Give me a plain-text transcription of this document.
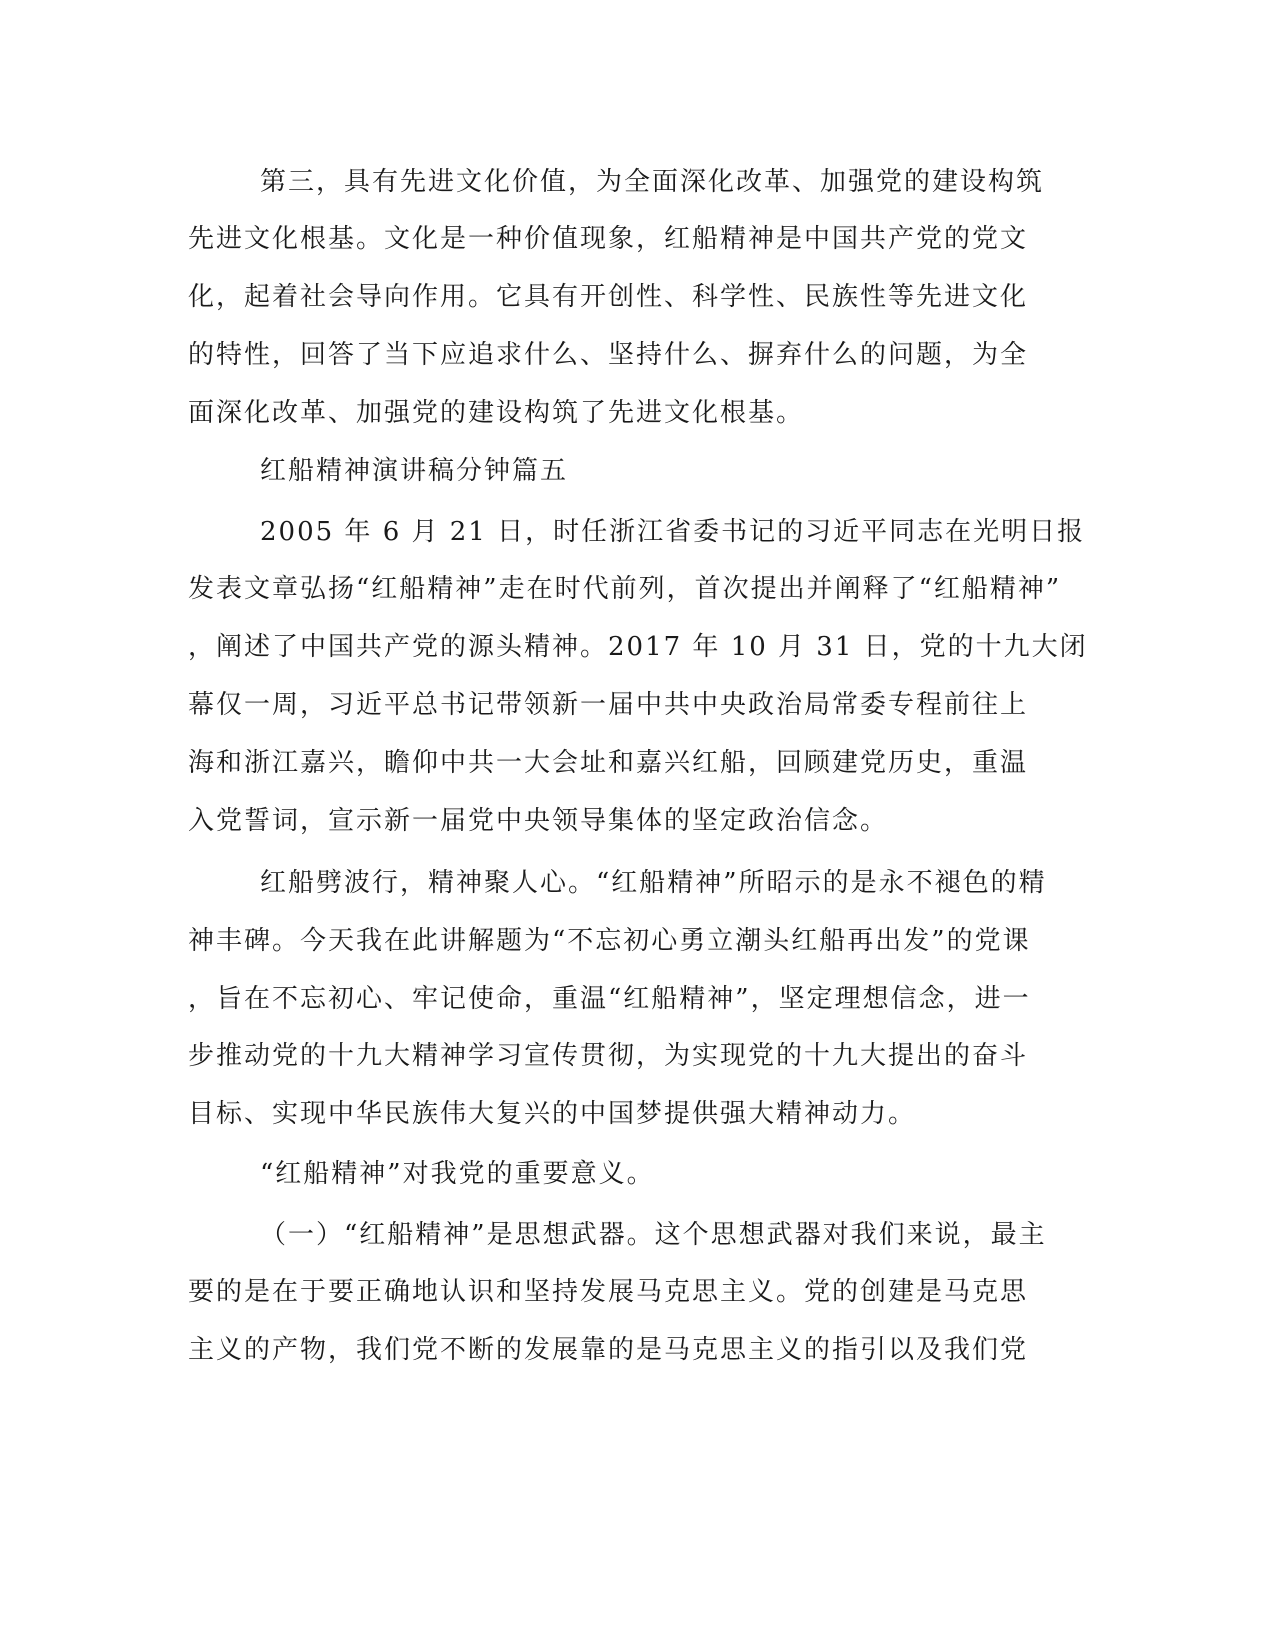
第三，具有先进文化价值，为全面深化改革、加强党的建设构筑
先进文化根基。文化是一种价值现象，红船精神是中国共产党的党文
化，起着社会导向作用。它具有开创性、科学性、民族性等先进文化
的特性，回答了当下应追求什么、坚持什么、摒弃什么的问题，为全
面深化改革、加强党的建设构筑了先进文化根基。
红船精神演讲稿分钟篇五
2005 年 6 月 21 日，时任浙江省委书记的习近平同志在光明日报
发表文章弘扬“红船精神”走在时代前列，首次提出并阐释了“红船精神”
，阐述了中国共产党的源头精神。2017 年 10 月 31 日，党的十九大闭
幕仅一周，习近平总书记带领新一届中共中央政治局常委专程前往上
海和浙江嘉兴，瞻仰中共一大会址和嘉兴红船，回顾建党历史，重温
入党誓词，宣示新一届党中央领导集体的坚定政治信念。
红船劈波行，精神聚人心。“红船精神”所昭示的是永不褪色的精
神丰碑。今天我在此讲解题为“不忘初心勇立潮头红船再出发”的党课
，旨在不忘初心、牢记使命，重温“红船精神”，坚定理想信念，进一
步推动党的十九大精神学习宣传贯彻，为实现党的十九大提出的奋斗
目标、实现中华民族伟大复兴的中国梦提供强大精神动力。
“红船精神”对我党的重要意义。
（一）“红船精神”是思想武器。这个思想武器对我们来说，最主
要的是在于要正确地认识和坚持发展马克思主义。党的创建是马克思
主义的产物，我们党不断的发展靠的是马克思主义的指引以及我们党
